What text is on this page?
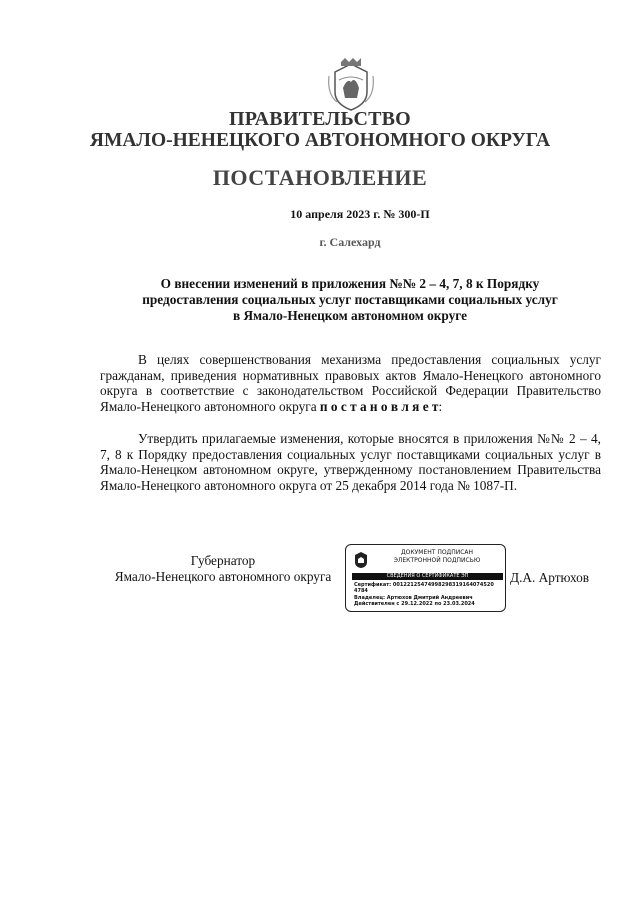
ПРАВИТЕЛЬСТВО
ЯМАЛО-НЕНЕЦКОГО АВТОНОМНОГО ОКРУГА
ПОСТАНОВЛЕНИЕ
10 апреля 2023 г. № 300-П
г. Салехард
О внесении изменений в приложения №№ 2 – 4, 7, 8 к Порядку
предоставления социальных услуг поставщиками социальных услуг
в Ямало-Ненецком автономном округе
В целях совершенствования механизма предоставления социальных услуг гражданам, приведения нормативных правовых актов Ямало-Ненецкого автономного округа в соответствие с законодательством Российской Федерации Правительство Ямало-Ненецкого автономного округа п о с т а н о в л я е т:
Утвердить прилагаемые изменения, которые вносятся в приложения №№ 2 – 4, 7, 8 к Порядку предоставления социальных услуг поставщиками социальных услуг в Ямало-Ненецком автономном округе, утвержденному постановлением Правительства Ямало-Ненецкого автономного округа от 25 декабря 2014 года № 1087-П.
Губернатор
Ямало-Ненецкого автономного округа
ДОКУМЕНТ ПОДПИСАН
ЭЛЕКТРОННОЙ ПОДПИСЬЮ
СВЕДЕНИЯ О СЕРТИФИКАТЕ ЭП
Сертификат: 00122125474998298319164074520
4784
Владелец: Артюхов Дмитрий Андреевич
Действителен с 29.12.2022 по 23.03.2024
Д.А. Артюхов
